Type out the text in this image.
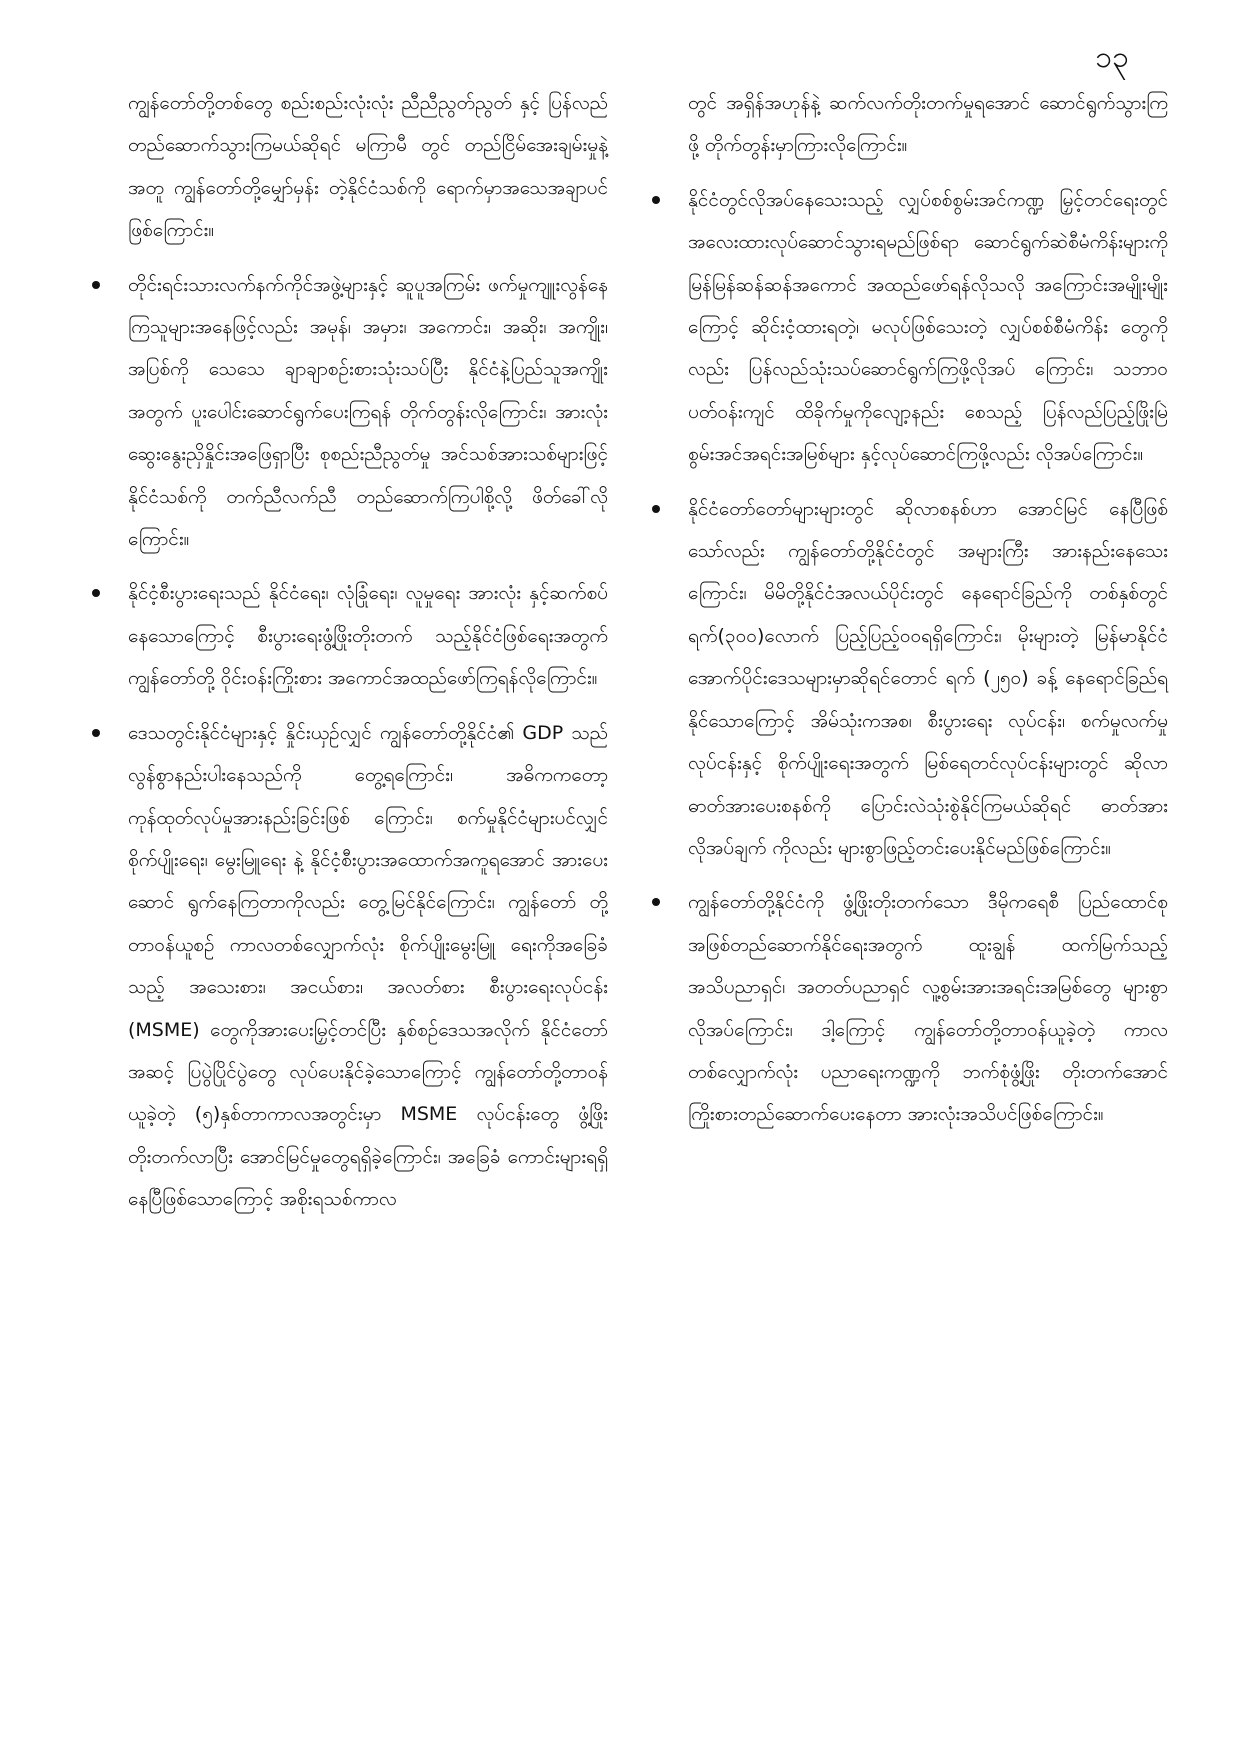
၁၃

ကျွန်တော်တို့တစ်တွေ စည်းစည်းလုံးလုံး ညီညီညွတ်ညွတ် နှင့် ပြန်လည်တည်ဆောက်သွားကြမယ်ဆိုရင် မကြာမီ တွင် တည်ငြိမ်အေးချမ်းမှုနဲ့အတူ ကျွန်တော်တို့မျှော်မှန်း တဲ့နိုင်ငံသစ်ကို ရောက်မှာအသေအချာပင်ဖြစ်ကြောင်း။

တိုင်းရင်းသားလက်နက်ကိုင်အဖွဲ့များနှင့် ဆူပူအကြမ်း ဖက်မှုကျူးလွန်နေကြသူများအနေဖြင့်လည်း အမုန်၊ အမှား၊ အကောင်း၊ အဆိုး၊ အကျိုး၊ အပြစ်ကို သေသေ ချာချာစဉ်းစားသုံးသပ်ပြီး နိုင်ငံနဲ့ပြည်သူအကျိုးအတွက် ပူးပေါင်းဆောင်ရွက်ပေးကြရန် တိုက်တွန်းလိုကြောင်း၊ အားလုံးဆွေးနွေးညှိနှိုင်းအဖြေရှာပြီး စုစည်းညီညွတ်မှု အင်သစ်အားသစ်များဖြင့် နိုင်ငံသစ်ကို တက်ညီလက်ညီ တည်ဆောက်ကြပါစို့လို့ ဖိတ်ခေါ်လိုကြောင်း။
နိုင်ငံ့စီးပွားရေးသည် နိုင်ငံရေး၊ လုံခြုံရေး၊ လူမှုရေး အားလုံး နှင့်ဆက်စပ်နေသောကြောင့် စီးပွားရေးဖွံ့ဖြိုးတိုးတက် သည့်နိုင်ငံဖြစ်ရေးအတွက် ကျွန်တော်တို့ ဝိုင်းဝန်းကြိုးစား အကောင်အထည်ဖော်ကြရန်လိုကြောင်း။
ဒေသတွင်းနိုင်ငံများနှင့် နှိုင်းယှဉ်လျှင် ကျွန်တော်တို့နိုင်ငံ၏ GDP သည် လွန်စွာနည်းပါးနေသည်ကို တွေ့ရကြောင်း၊	အဓိကကတော့ ကုန်ထုတ်လုပ်မှုအားနည်းခြင်းဖြစ် ကြောင်း၊ စက်မှုနိုင်ငံများပင်လျှင် စိုက်ပျိုးရေး၊ မွေးမြူရေး နဲ့ နိုင်ငံ့စီးပွားအထောက်အကူရအောင် အားပေးဆောင် ရွက်နေကြတာကိုလည်း တွေ့မြင်နိုင်ကြောင်း၊ ကျွန်တော် တို့တာဝန်ယူစဉ် ကာလတစ်လျှောက်လုံး စိုက်ပျိုးမွေးမြူ ရေးကိုအခြေခံသည့် အသေးစား၊ အငယ်စား၊ အလတ်စား စီးပွားရေးလုပ်ငန်း (MSME) တွေကိုအားပေးမြှင့်တင်ပြီး နှစ်စဉ်ဒေသအလိုက် နိုင်ငံတော်အဆင့် ပြပွဲပြိုင်ပွဲတွေ လုပ်ပေးနိုင်ခဲ့သောကြောင့် ကျွန်တော်တို့တာဝန်ယူခဲ့တဲ့ (၅)နှစ်တာကာလအတွင်းမှာ MSME လုပ်ငန်းတွေ ဖွံ့ဖြိုး တိုးတက်လာပြီး အောင်မြင်မှုတွေရရှိခဲ့ကြောင်း၊ အခြေခံ ကောင်းများရရှိနေပြီဖြစ်သောကြောင့် အစိုးရသစ်ကာလ

တွင် အရှိန်အဟုန်နဲ့ ဆက်လက်တိုးတက်မှုရအောင် ဆောင်ရွက်သွားကြဖို့ တိုက်တွန်းမှာကြားလိုကြောင်း။

နိုင်ငံတွင်လိုအပ်နေသေးသည့် လျှပ်စစ်စွမ်းအင်ကဏ္ဍ မြှင့်တင်ရေးတွင် အလေးထားလုပ်ဆောင်သွားရမည်ဖြစ်ရာ ဆောင်ရွက်ဆဲစီမံကိန်းများကို မြန်မြန်ဆန်ဆန်အကောင် အထည်ဖော်ရန်လိုသလို အကြောင်းအမျိုးမျိုးကြောင့် ဆိုင်းငံ့ထားရတဲ့၊ မလုပ်ဖြစ်သေးတဲ့ လျှပ်စစ်စီမံကိန်း တွေကိုလည်း ပြန်လည်သုံးသပ်ဆောင်ရွက်ကြဖို့လိုအပ် ကြောင်း၊ သဘာဝပတ်ဝန်းကျင် ထိခိုက်မှုကိုလျော့နည်း စေသည့် ပြန်လည်ပြည့်ဖြိုးမြဲ စွမ်းအင်အရင်းအမြစ်များ နှင့်လုပ်ဆောင်ကြဖို့လည်း လိုအပ်ကြောင်း။
နိုင်ငံတော်တော်များများတွင် ဆိုလာစနစ်ဟာ အောင်မြင် နေပြီဖြစ်သော်လည်း ကျွန်တော်တို့နိုင်ငံတွင် အများကြီး အားနည်းနေသေးကြောင်း၊ မိမိတို့နိုင်ငံအလယ်ပိုင်းတွင် နေရောင်ခြည်ကို တစ်နှစ်တွင် ရက်(၃၀၀)လောက် ပြည့်ပြည့်ဝဝရရှိကြောင်း၊ မိုးများတဲ့ မြန်မာနိုင်ငံ အောက်ပိုင်းဒေသများမှာဆိုရင်တောင် ရက် (၂၅၀) ခန့် နေရောင်ခြည်ရနိုင်သောကြောင့် အိမ်သုံးကအစ၊ စီးပွားရေး လုပ်ငန်း၊ စက်မှုလက်မှုလုပ်ငန်းနှင့် စိုက်ပျိုးရေးအတွက် မြစ်ရေတင်လုပ်ငန်းများတွင် ဆိုလာဓာတ်အားပေးစနစ်ကို ပြောင်းလဲသုံးစွဲနိုင်ကြမယ်ဆိုရင် ဓာတ်အားလိုအပ်ချက် ကိုလည်း များစွာဖြည့်တင်းပေးနိုင်မည်ဖြစ်ကြောင်း။
ကျွန်တော်တို့နိုင်ငံကို ဖွံ့ဖြိုးတိုးတက်သော ဒီမိုကရေစီ ပြည်ထောင်စုအဖြစ်တည်ဆောက်နိုင်ရေးအတွက် ထူးချွန် ထက်မြက်သည့် အသိပညာရှင်၊ အတတ်ပညာရှင် လူ့စွမ်းအားအရင်းအမြစ်တွေ များစွာလိုအပ်ကြောင်း၊ ဒါ့ကြောင့် ကျွန်တော်တို့တာဝန်ယူခဲ့တဲ့ ကာလ တစ်လျှောက်လုံး ပညာရေးကဏ္ဍကို ဘက်စုံဖွံ့ဖြိုး တိုးတက်အောင် ကြိုးစားတည်ဆောက်ပေးနေတာ အားလုံးအသိပင်ဖြစ်ကြောင်း။
